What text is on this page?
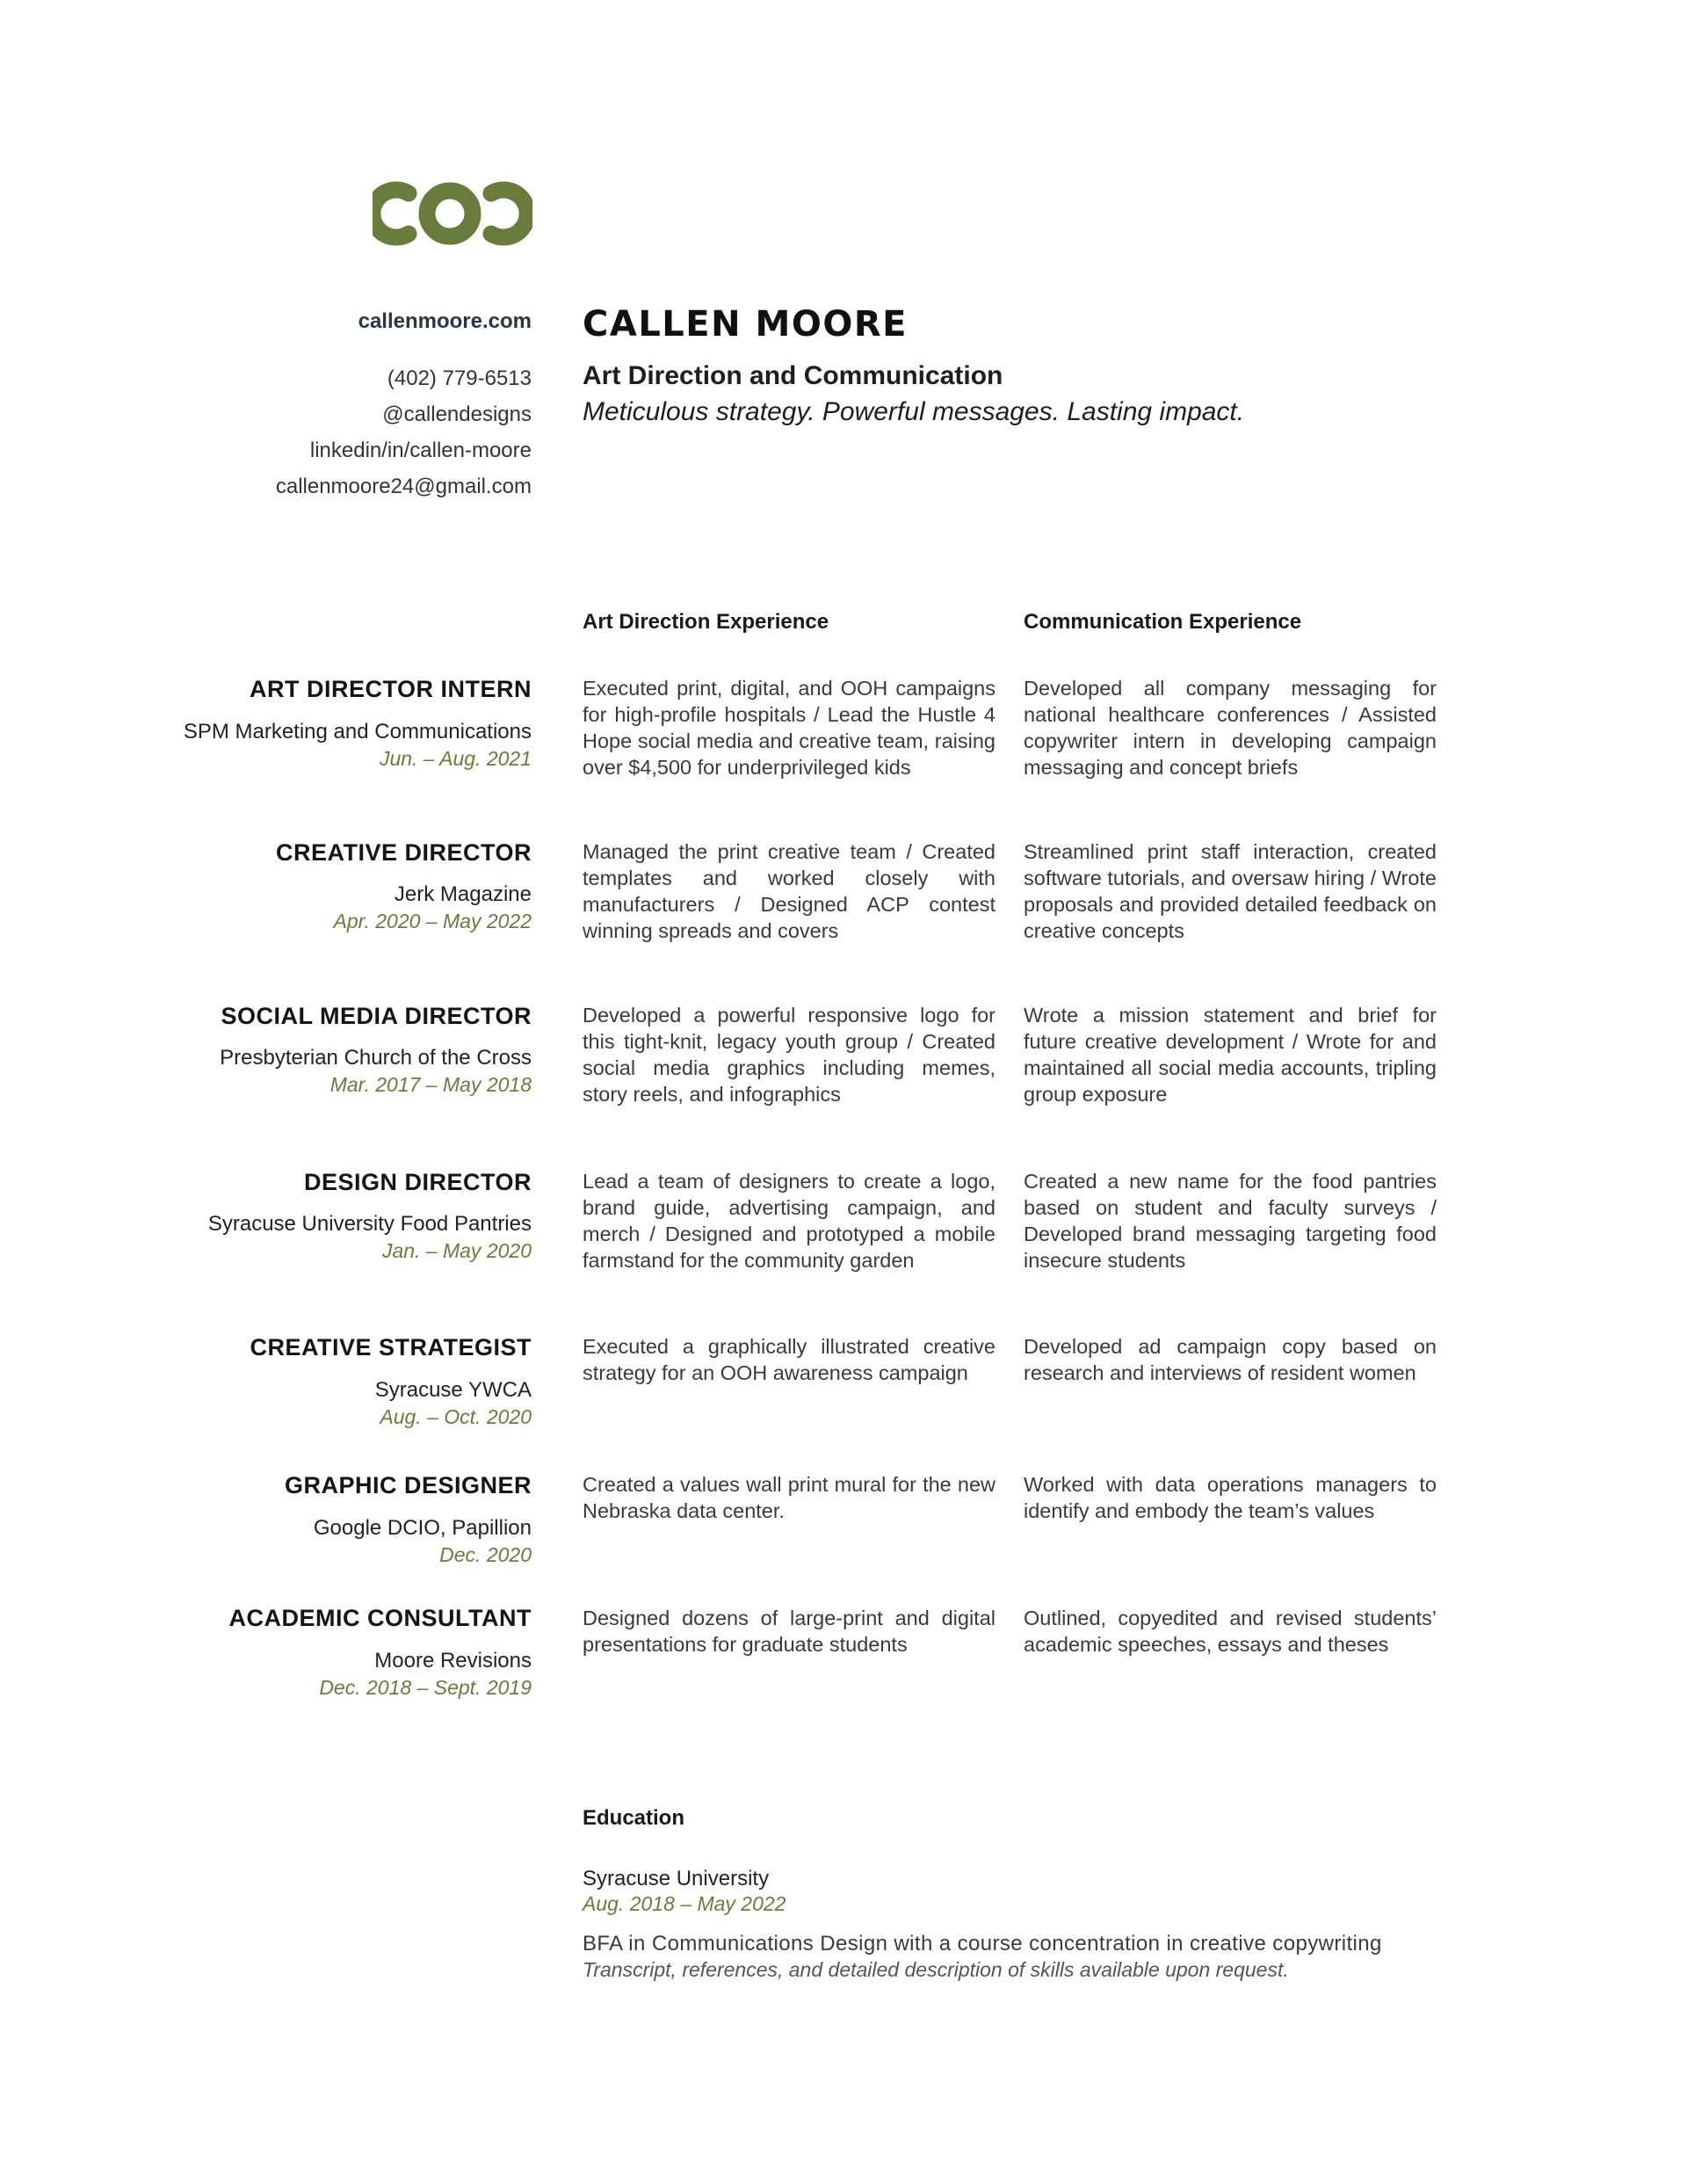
callenmoore.com
(402) 779-6513
@callendesigns
linkedin/in/callen-moore
callenmoore24@gmail.com
CALLEN MOORE
Art Direction and Communication
Meticulous strategy. Powerful messages. Lasting impact.
Art Direction Experience	Communication Experience
ART DIRECTOR INTERN
SPM Marketing and Communications
Jun. – Aug. 2021
Executed print, digital, and OOH campaigns for high-profile hospitals / Lead the Hustle 4 Hope social media and creative team, raising over $4,500 for underprivileged kids
Developed all company messaging for national healthcare conferences / Assisted copywriter intern in developing campaign messaging and concept briefs
CREATIVE DIRECTOR
Jerk Magazine
Apr. 2020 – May 2022
Managed the print creative team / Created templates and worked closely with manufacturers / Designed ACP contest winning spreads and covers
Streamlined print staff interaction, created software tutorials, and oversaw hiring / Wrote proposals and provided detailed feedback on creative concepts
SOCIAL MEDIA DIRECTOR
Presbyterian Church of the Cross
Mar. 2017 – May 2018
Developed a powerful responsive logo for this tight-knit, legacy youth group / Created social media graphics including memes, story reels, and infographics
Wrote a mission statement and brief for future creative development / Wrote for and maintained all social media accounts, tripling group exposure
DESIGN DIRECTOR
Syracuse University Food Pantries
Jan. – May 2020
Lead a team of designers to create a logo, brand guide, advertising campaign, and merch / Designed and prototyped a mobile farmstand for the community garden
Created a new name for the food pantries based on student and faculty surveys / Developed brand messaging targeting food insecure students
CREATIVE STRATEGIST
Syracuse YWCA
Aug. – Oct. 2020
Executed a graphically illustrated creative strategy for an OOH awareness campaign
Developed ad campaign copy based on research and interviews of resident women
GRAPHIC DESIGNER
Google DCIO, Papillion
Dec. 2020
Created a values wall print mural for the new Nebraska data center.
Worked with data operations managers to identify and embody the team’s values
ACADEMIC CONSULTANT
Moore Revisions
Dec. 2018 – Sept. 2019
Designed dozens of large-print and digital presentations for graduate students
Outlined, copyedited and revised students’ academic speeches, essays and theses
Education
Syracuse University
Aug. 2018 – May 2022
BFA in Communications Design with a course concentration in creative copywriting
Transcript, references, and detailed description of skills available upon request.
